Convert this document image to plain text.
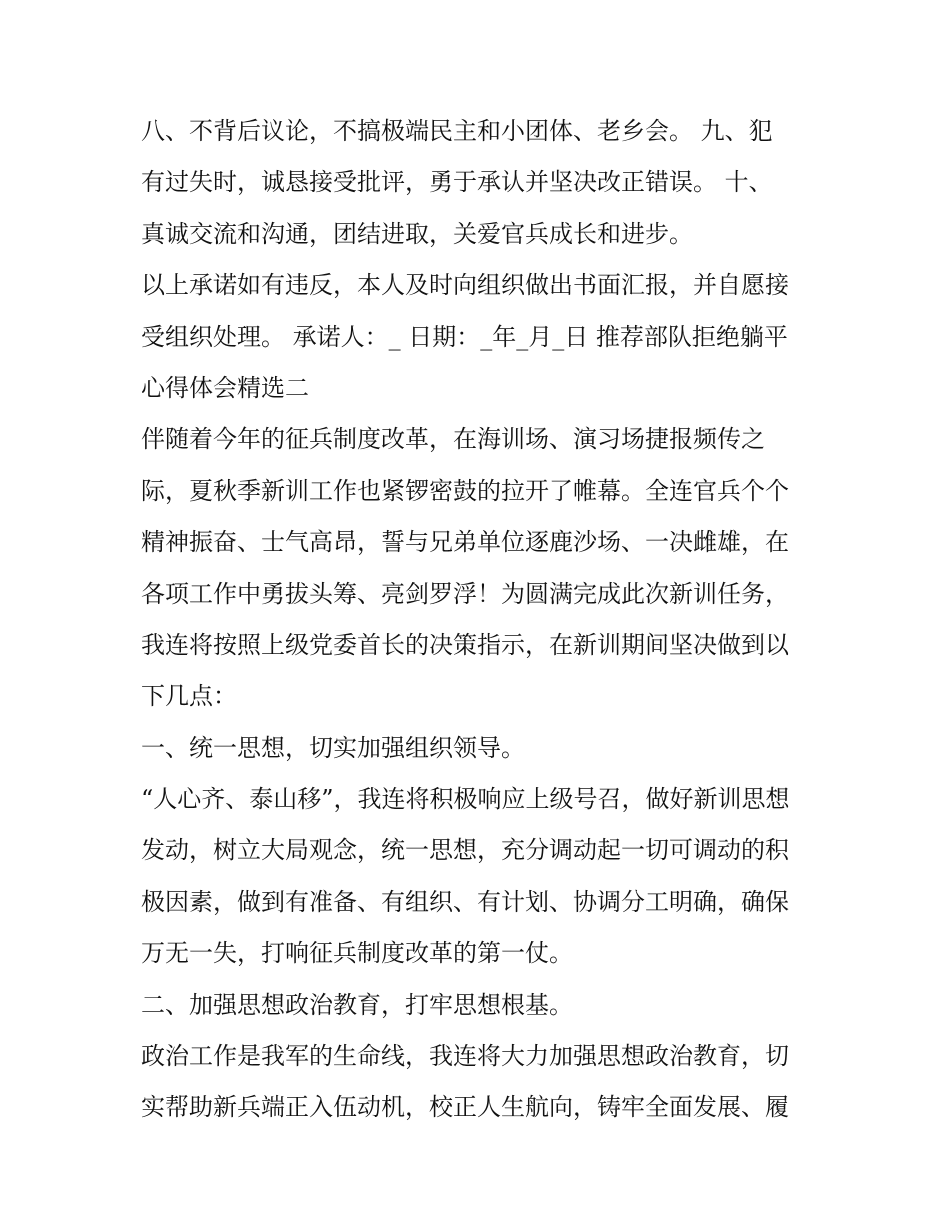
八、不背后议论，不搞极端民主和小团体、老乡会。 九、犯
有过失时，诚恳接受批评，勇于承认并坚决改正错误。 十、
真诚交流和沟通，团结进取，关爱官兵成长和进步。
以上承诺如有违反，本人及时向组织做出书面汇报，并自愿接
受组织处理。 承诺人：_ 日期：_年_月_日 推荐部队拒绝躺平
心得体会精选二
伴随着今年的征兵制度改革，在海训场、演习场捷报频传之
际，夏秋季新训工作也紧锣密鼓的拉开了帷幕。全连官兵个个
精神振奋、士气高昂，誓与兄弟单位逐鹿沙场、一决雌雄，在
各项工作中勇拔头筹、亮剑罗浮！为圆满完成此次新训任务，
我连将按照上级党委首长的决策指示，在新训期间坚决做到以
下几点：
一、统一思想，切实加强组织领导。
“人心齐、泰山移”，我连将积极响应上级号召，做好新训思想
发动，树立大局观念，统一思想，充分调动起一切可调动的积
极因素，做到有准备、有组织、有计划、协调分工明确，确保
万无一失，打响征兵制度改革的第一仗。
二、加强思想政治教育，打牢思想根基。
政治工作是我军的生命线，我连将大力加强思想政治教育，切
实帮助新兵端正入伍动机，校正人生航向，铸牢全面发展、履
